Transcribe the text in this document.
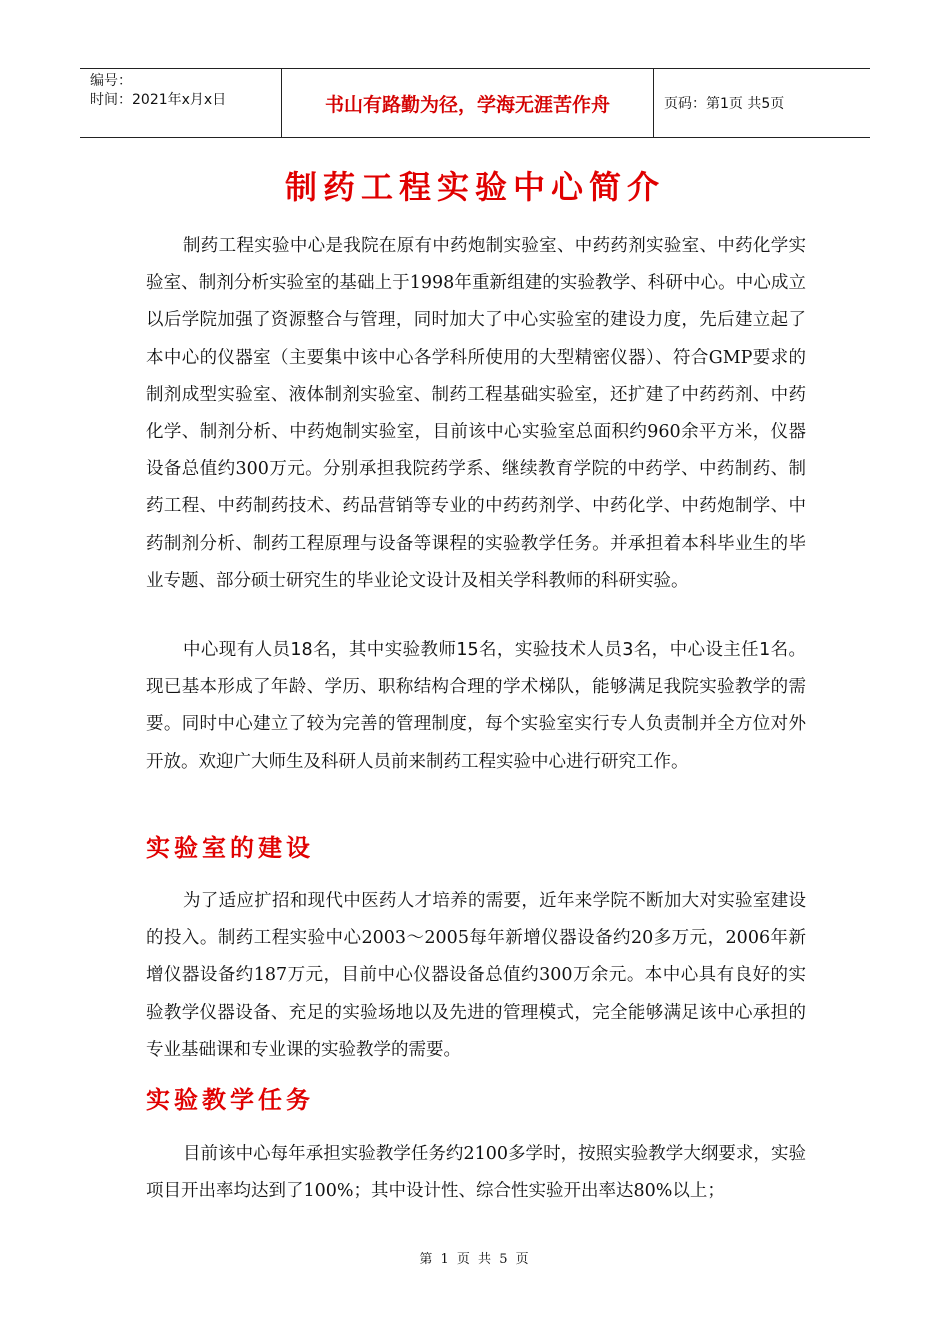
编号：
时间：2021年x月x日	书山有路勤为径，学海无涯苦作舟	页码：第1页 共5页
制药工程实验中心简介

制药工程实验中心是我院在原有中药炮制实验室、中药药剂实验室、中药化学实验室、制剂分析实验室的基础上于1998年重新组建的实验教学、科研中心。中心成立以后学院加强了资源整合与管理，同时加大了中心实验室的建设力度，先后建立起了本中心的仪器室（主要集中该中心各学科所使用的大型精密仪器）、符合GMP要求的制剂成型实验室、液体制剂实验室、制药工程基础实验室，还扩建了中药药剂、中药化学、制剂分析、中药炮制实验室，目前该中心实验室总面积约960余平方米，仪器设备总值约300万元。分别承担我院药学系、继续教育学院的中药学、中药制药、制药工程、中药制药技术、药品营销等专业的中药药剂学、中药化学、中药炮制学、中药制剂分析、制药工程原理与设备等课程的实验教学任务。并承担着本科毕业生的毕业专题、部分硕士研究生的毕业论文设计及相关学科教师的科研实验。

中心现有人员18名，其中实验教师15名，实验技术人员3名，中心设主任1名。现已基本形成了年龄、学历、职称结构合理的学术梯队，能够满足我院实验教学的需要。同时中心建立了较为完善的管理制度，每个实验室实行专人负责制并全方位对外开放。欢迎广大师生及科研人员前来制药工程实验中心进行研究工作。

实验室的建设

为了适应扩招和现代中医药人才培养的需要，近年来学院不断加大对实验室建设的投入。制药工程实验中心2003～2005每年新增仪器设备约20多万元，2006年新增仪器设备约187万元，目前中心仪器设备总值约300万余元。本中心具有良好的实验教学仪器设备、充足的实验场地以及先进的管理模式，完全能够满足该中心承担的专业基础课和专业课的实验教学的需要。

实验教学任务

目前该中心每年承担实验教学任务约2100多学时，按照实验教学大纲要求，实验项目开出率均达到了100%；其中设计性、综合性实验开出率达80%以上；

第 1 页 共 5 页
